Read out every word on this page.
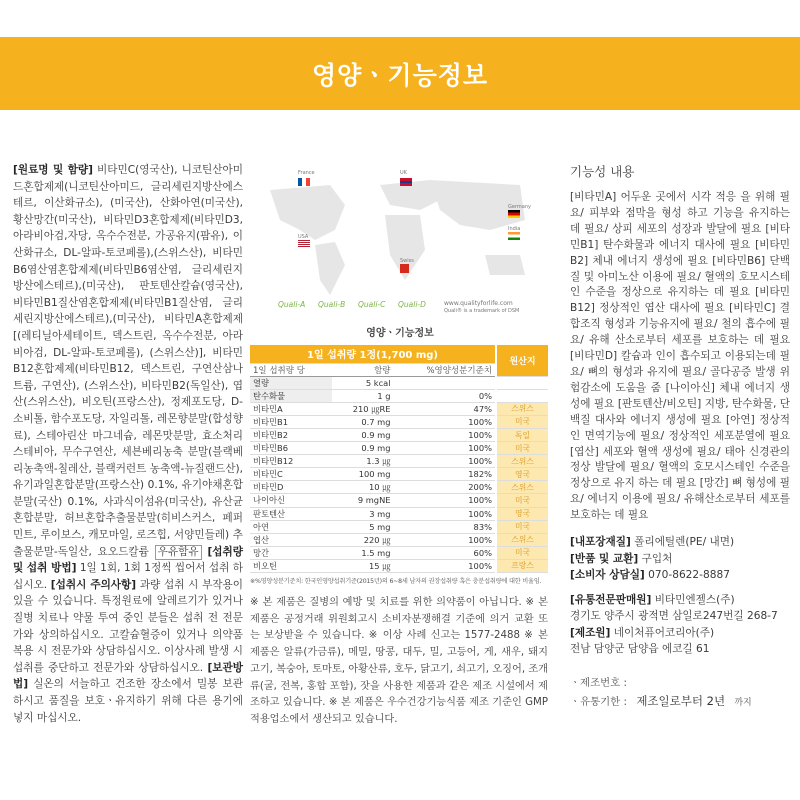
영양ㆍ기능정보

[원료명 및 함량] 비타민C(영국산), 니코틴산아미드혼합제제(니코틴산아미드, 글리세린지방산에스테르, 이산화규소), (미국산), 산화아연(미국산), 황산망간(미국산), 비타민D3혼합제제(비타민D3, 아라비아검,자당, 옥수수전분, 가공유지(팜유), 이산화규소, DL-알파-토코페롤),(스위스산), 비타민B6염산염혼합제제(비타민B6염산염, 글리세린지방산에스테르),(미국산), 판토텐산칼슘(영국산), 비타민B1질산염혼합제제(비타민B1질산염, 글리세린지방산에스테르),(미국산), 비타민A혼합제제[(레티닐아세테이트, 덱스트린, 옥수수전분, 아라비아검, DL-알파-토코페롤), (스위스산)], 비타민B12혼합제제(비타민B12, 덱스트린, 구연산삼나트륨, 구연산), (스위스산), 비타민B2(독일산), 엽산(스위스산), 비오틴(프랑스산), 정제포도당, D-소비톨, 함수포도당, 자일리톨, 레몬향분말(합성향료), 스테아린산 마그네슘, 레몬맛분말, 효소처리스테비아, 무수구연산, 세븐베리농축 분말(블랙베리농축액-칠레산, 블랙커런트 농축액-뉴질랜드산), 유기과일혼합분말(프랑스산) 0.1%, 유기야채혼합분말(국산) 0.1%, 사과식이섬유(미국산), 유산균혼합분말, 허브혼합추출물분말(히비스커스, 페퍼민트, 루이보스, 캐모마일, 로즈힙, 서양민들레) 추출물분말-독일산, 요오드칼륨 우유함유 [섭취량 및 섭취 방법] 1일 1회, 1회 1정씩 씹어서 섭취 하십시오. [섭취시 주의사항] 과량 섭취 시 부작용이 있을 수 있습니다. 특정원료에 알레르기가 있거나 질병 치료나 약물 투여 중인 분들은 섭취 전 전문가와 상의하십시오. 고칼슘혈증이 있거나 의약품 복용 시 전문가와 상담하십시오. 이상사례 발생 시 섭취를 중단하고 전문가와 상담하십시오. [보관방법] 실온의 서늘하고 건조한 장소에서 밀봉 보관 하시고 품질을 보호ㆍ유지하기 위해 다른 용기에 넣지 마십시오.

France	UK
Germany
USA
India
Swiss
Quali-A Quali-B Quali-C Quali-D	www.qualityforlife.com
Quali® is a trademark of DSM
영양ㆍ기능정보
1일 섭취량 1정(1,700 mg)			원산지
1일 섭취량 당	함량	%영양성분기준치	
열량	5 kcal		
탄수화물	1 g	0%	
비타민A	210 ㎍RE	47%	스위스
비타민B1	0.7 mg	100%	미국
비타민B2	0.9 mg	100%	독일
비타민B6	0.9 mg	100%	미국
비타민B12	1.3 ㎍	100%	스위스
비타민C	100 mg	182%	영국
비타민D	10 ㎍	200%	스위스
나이아신	9 mgNE	100%	미국
판토텐산	3 mg	100%	영국
아연	5 mg	83%	미국
엽산	220 ㎍	100%	스위스
망간	1.5 mg	60%	미국
비오틴	15 ㎍	100%	프랑스
※%영양성분기준치: 한국인영양섭취기준(2015년)의 6~8세 남자의 권장섭취량 혹은 충분섭취량에 대한 비율임.
※ 본 제품은 질병의 예방 및 치료를 위한 의약품이 아닙니다. ※ 본 제품은 공정거래 위원회고시 소비자분쟁해결 기준에 의거 교환 또는 보상받을 수 있습니다. ※ 이상 사례 신고는 1577-2488 ※ 본 제품은 알류(가금류), 메밀, 땅콩, 대두, 밀, 고등어, 게, 새우, 돼지고기, 복숭아, 토마토, 아황산류, 호두, 닭고기, 쇠고기, 오징어, 조개류(굴, 전복, 홍합 포함), 잣을 사용한 제품과 같은 제조 시설에서 제조하고 있습니다. ※ 본 제품은 우수건강기능식품 제조 기준인 GMP 적용업소에서 생산되고 있습니다.
기능성 내용
[비타민A] 어두운 곳에서 시각 적응 을 위해 필요/ 피부와 점막을 형성 하고 기능을 유지하는 데 필요/ 상피 세포의 성장과 발달에 필요 [비타민B1] 탄수화물과 에너지 대사에 필요 [비타민B2] 체내 에너지 생성에 필요 [비타민B6] 단백질 및 아미노산 이용에 필요/ 혈액의 호모시스테인 수준을 정상으로 유지하는 데 필요 [비타민B12] 정상적인 엽산 대사에 필요 [비타민C] 결합조직 형성과 기능유지에 필요/ 철의 흡수에 필요/ 유해 산소로부터 세포를 보호하는 데 필요 [비타민D] 칼슘과 인이 흡수되고 이용되는데 필요/ 뼈의 형성과 유지에 필요/ 골다공증 발생 위험감소에 도움을 줌 [나이아신] 체내 에너지 생성에 필요 [판토텐산/비오틴] 지방, 탄수화물, 단백질 대사와 에너지 생성에 필요 [아연] 정상적인 면역기능에 필요/ 정상적인 세포분열에 필요 [엽산] 세포와 혈액 생성에 필요/ 태아 신경관의 정상 발달에 필요/ 혈액의 호모시스테인 수준을 정상으로 유지 하는 데 필요 [망간] 뼈 형성에 필요/ 에너지 이용에 필요/ 유해산소로부터 세포를 보호하는 데 필요
[내포장재질] 폴리에틸렌(PE/ 내면)
[반품 및 교환] 구입처
[소비자 상담실] 070-8622-8887
[유통전문판매원] 비타민엔젤스(주)
경기도 양주시 광적면 삼일로247번길 268-7
[제조원] 네이처퓨어코리아(주)
전남 담양군 담양읍 에코길 61
ㆍ제조번호 :
ㆍ유통기한 : 제조일로부터 2년 까지
